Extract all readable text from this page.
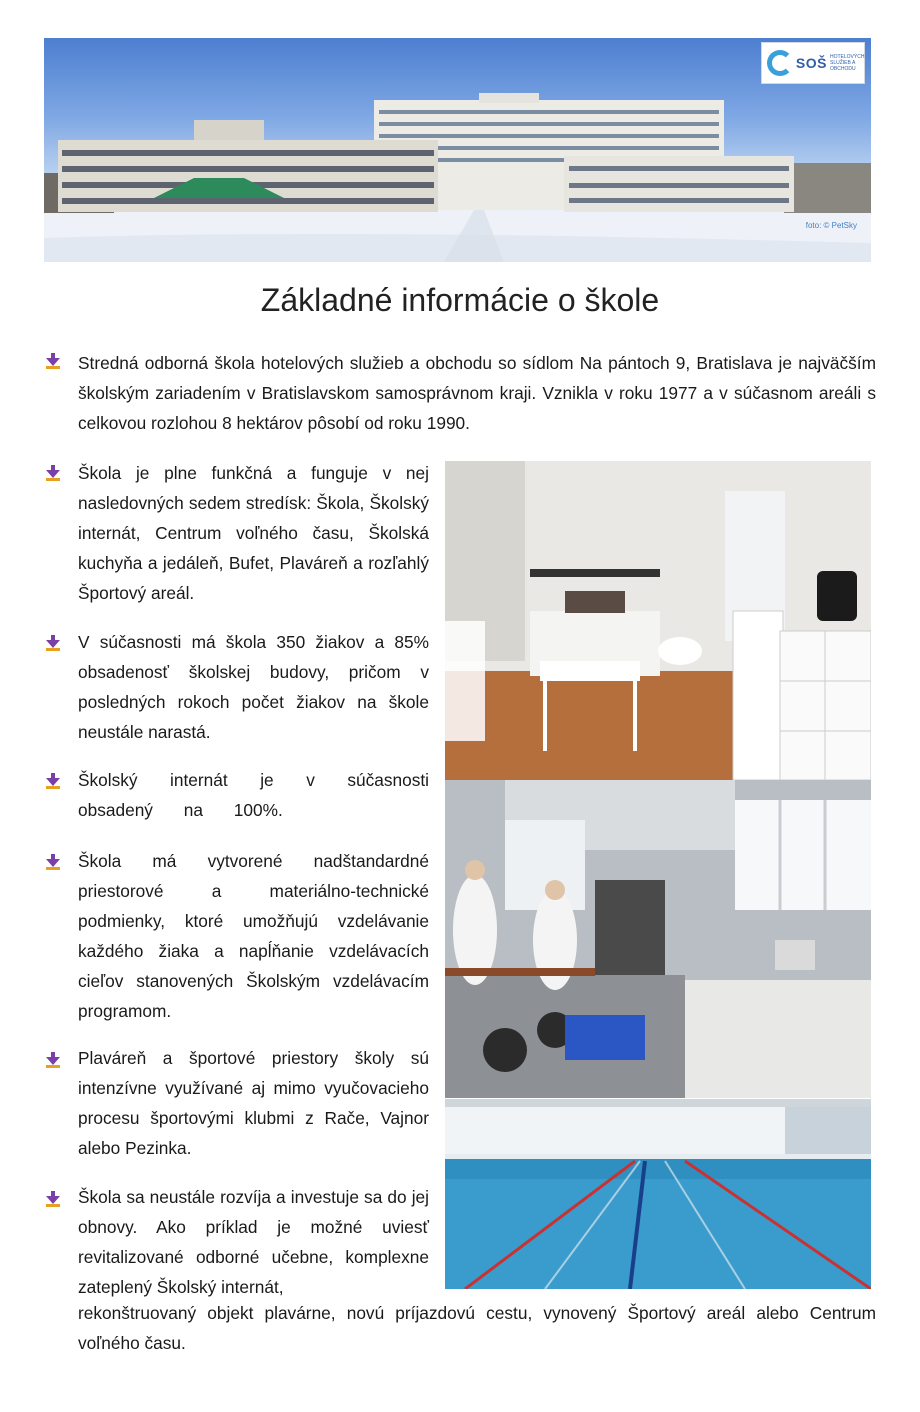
SOŠ HOTELOVÝCH SLUŽIEB A OBCHODU
foto: © PetSky
Základné informácie o škole
Stredná odborná škola hotelových služieb a obchodu so sídlom Na pántoch 9, Bratislava je najväčším školským zariadením v Bratislavskom samosprávnom kraji. Vznikla v roku 1977 a v súčasnom areáli s celkovou rozlohou 8 hektárov pôsobí od roku 1990.
Škola je plne funkčná a funguje v nej nasledovných sedem stredísk: Škola, Školský internát, Centrum voľného času, Školská kuchyňa a jedáleň, Bufet, Plaváreň a rozľahlý Športový areál.
V súčasnosti má škola 350 žiakov a 85% obsadenosť školskej budovy, pričom v posledných rokoch počet žiakov na škole neustále narastá.
Školský internát je v súčasnosti obsadený na 100%.
Škola má vytvorené nadštandardné priestorové a materiálno-technické podmienky, ktoré umožňujú vzdelávanie každého žiaka a napĺňanie vzdelávacích cieľov stanovených Školským vzdelávacím programom.
Plaváreň a športové priestory školy sú intenzívne využívané aj mimo vyučovacieho procesu športovými klubmi z Rače, Vajnor alebo Pezinka.
Škola sa neustále rozvíja a investuje sa do jej obnovy. Ako príklad je možné uviesť revitalizované odborné učebne, komplexne zateplený Školský internát,
rekonštruovaný objekt plavárne, novú príjazdovú cestu, vynovený Športový areál alebo Centrum voľného času.
